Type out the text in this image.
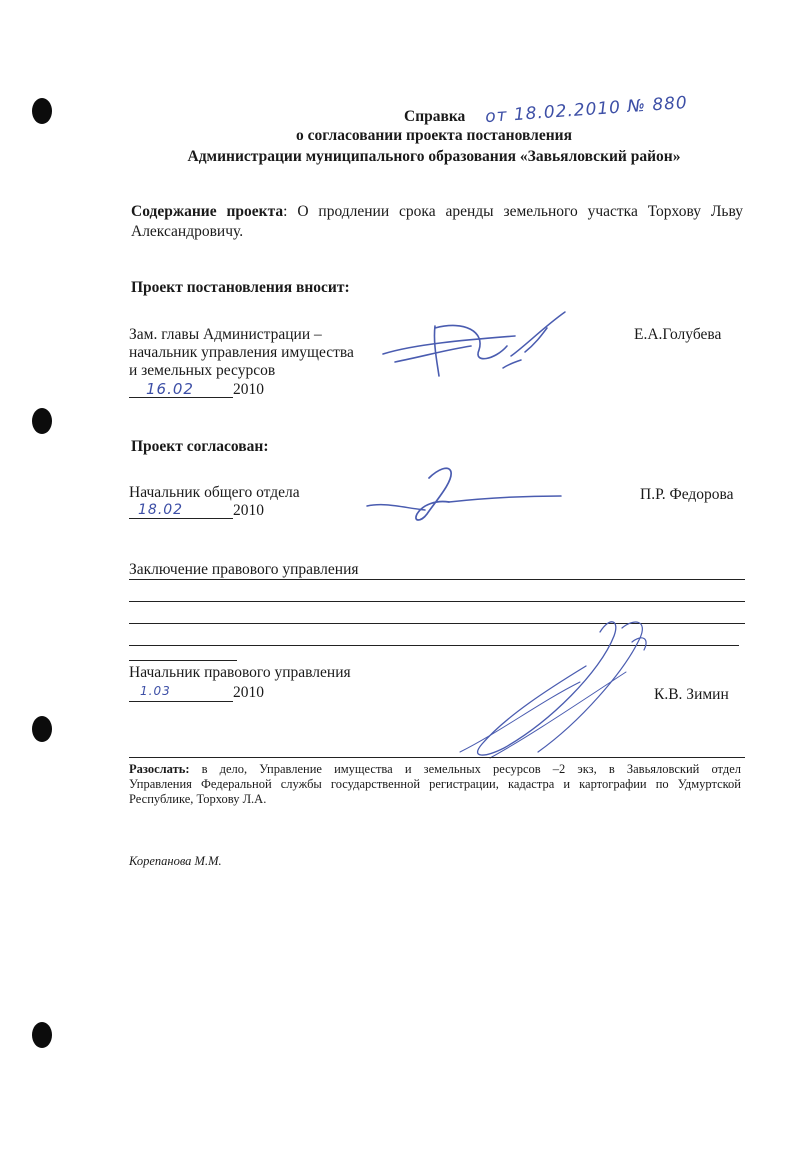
Справка от 18.02.2010 № 880
о согласовании проекта постановления
Администрации муниципального образования «Завьяловский район»
Содержание проекта: О продлении срока аренды земельного участка Торхову Льву
Александровичу.
Проект постановления вносит:
Зам. главы Администрации –
начальник управления имущества
и земельных ресурсов
16.02	2010
Е.А.Голубева
Проект согласован:
Начальник общего отдела
18.02	2010
П.Р. Федорова
Заключение правового управления
Начальник правового управления
1.03	2010	К.В. Зимин
Разослать: в дело, Управление имущества и земельных ресурсов –2 экз, в Завьяловский отдел
Управления Федеральной службы государственной регистрации, кадастра и картографии по Удмуртской
Республике, Торхову Л.А.
Корепанова М.М.
